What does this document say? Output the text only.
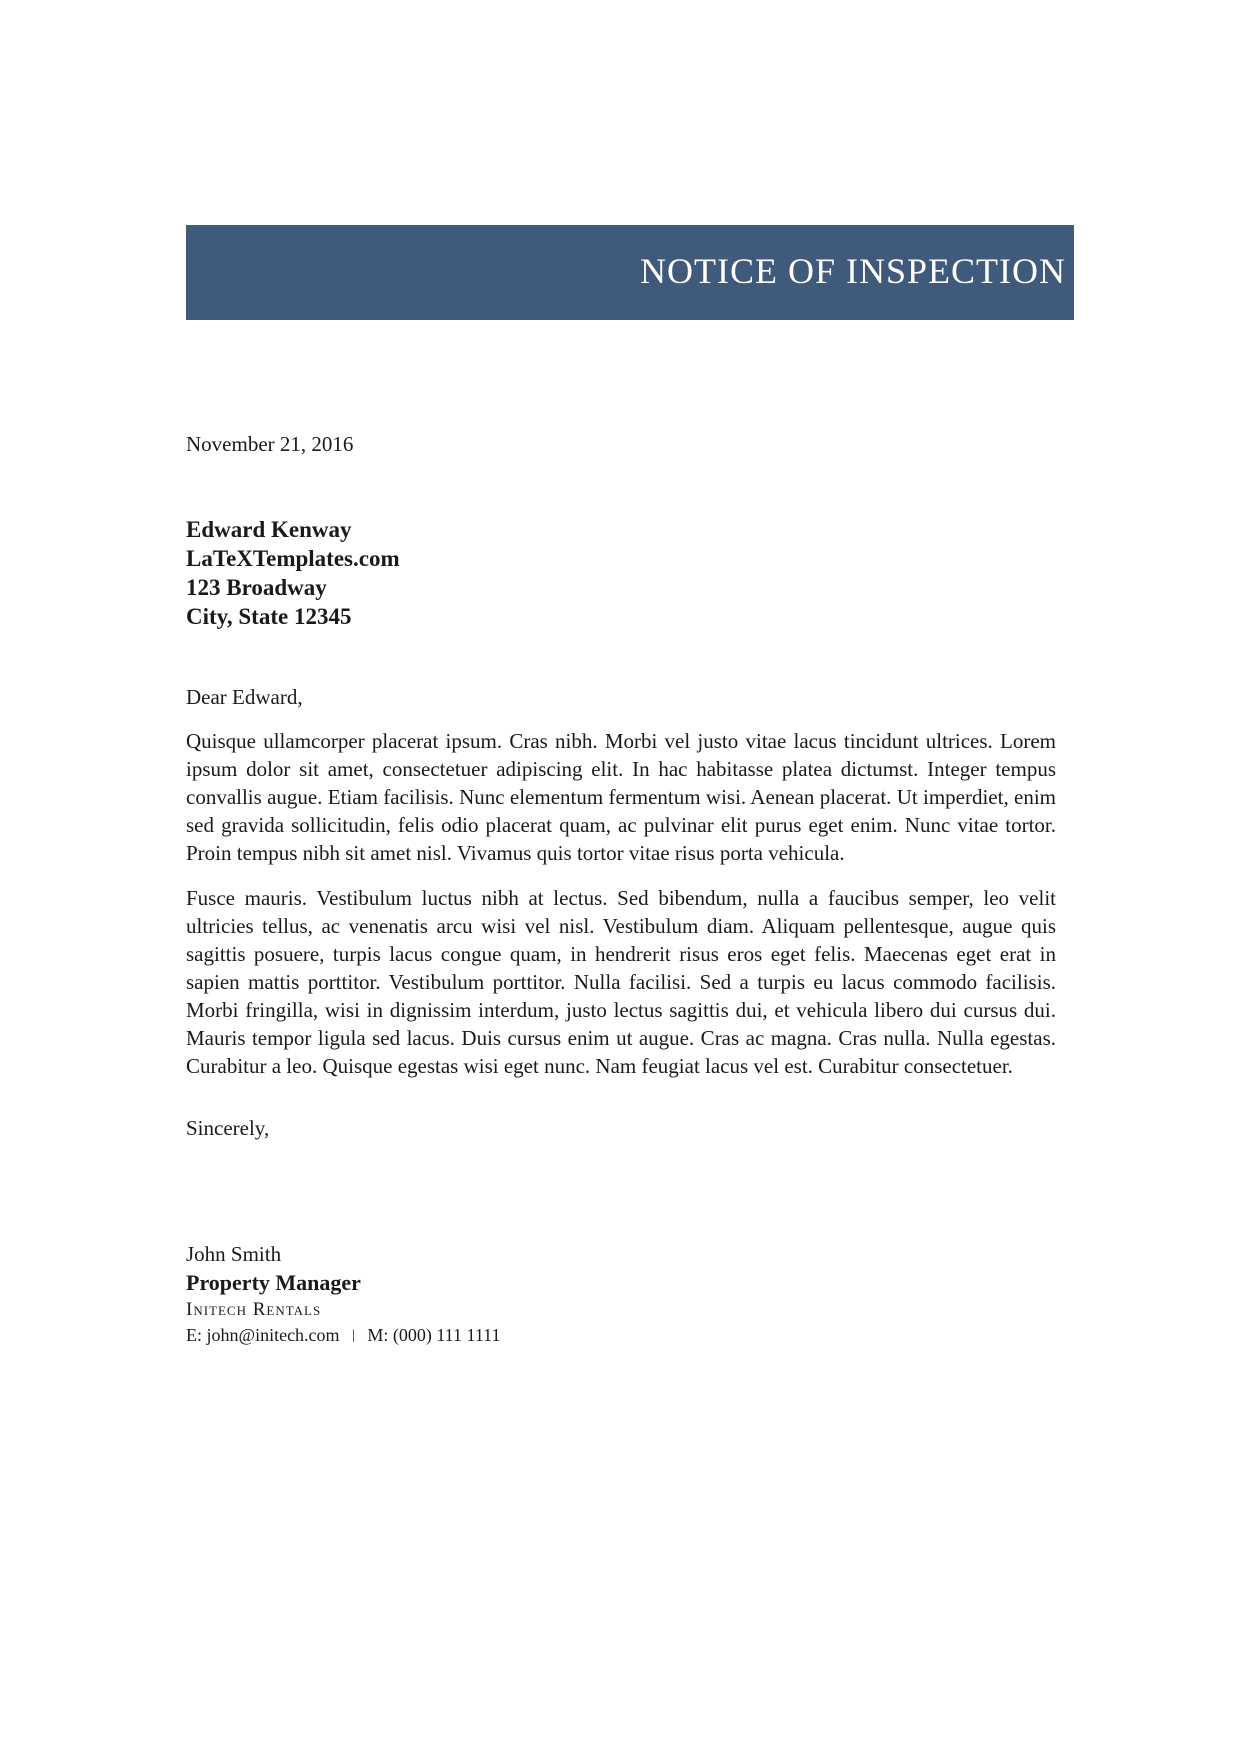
NOTICE OF INSPECTION
November 21, 2016
Edward Kenway
LaTeXTemplates.com
123 Broadway
City, State 12345
Dear Edward,
Quisque ullamcorper placerat ipsum. Cras nibh. Morbi vel justo vitae lacus tincidunt ultrices. Lorem ipsum dolor sit amet, consectetuer adipiscing elit. In hac habitasse platea dictumst. Integer tempus convallis augue. Etiam facilisis. Nunc elementum fermentum wisi. Aenean placerat. Ut imperdiet, enim sed gravida sollicitudin, felis odio placerat quam, ac pulvinar elit purus eget enim. Nunc vitae tortor. Proin tempus nibh sit amet nisl. Vivamus quis tortor vitae risus porta vehicula.
Fusce mauris. Vestibulum luctus nibh at lectus. Sed bibendum, nulla a faucibus semper, leo velit ultricies tellus, ac venenatis arcu wisi vel nisl. Vestibulum diam. Aliquam pellentesque, augue quis sagittis posuere, turpis lacus congue quam, in hendrerit risus eros eget felis. Maecenas eget erat in sapien mattis porttitor. Vestibulum porttitor. Nulla facilisi. Sed a turpis eu lacus commodo facilisis. Morbi fringilla, wisi in dignissim interdum, justo lectus sagittis dui, et vehicula libero dui cursus dui. Mauris tempor ligula sed lacus. Duis cursus enim ut augue. Cras ac magna. Cras nulla. Nulla egestas. Curabitur a leo. Quisque egestas wisi eget nunc. Nam feugiat lacus vel est. Curabitur consectetuer.
Sincerely,
John Smith
Property Manager
Initech Rentals
E: john@initech.com | M: (000) 111 1111
